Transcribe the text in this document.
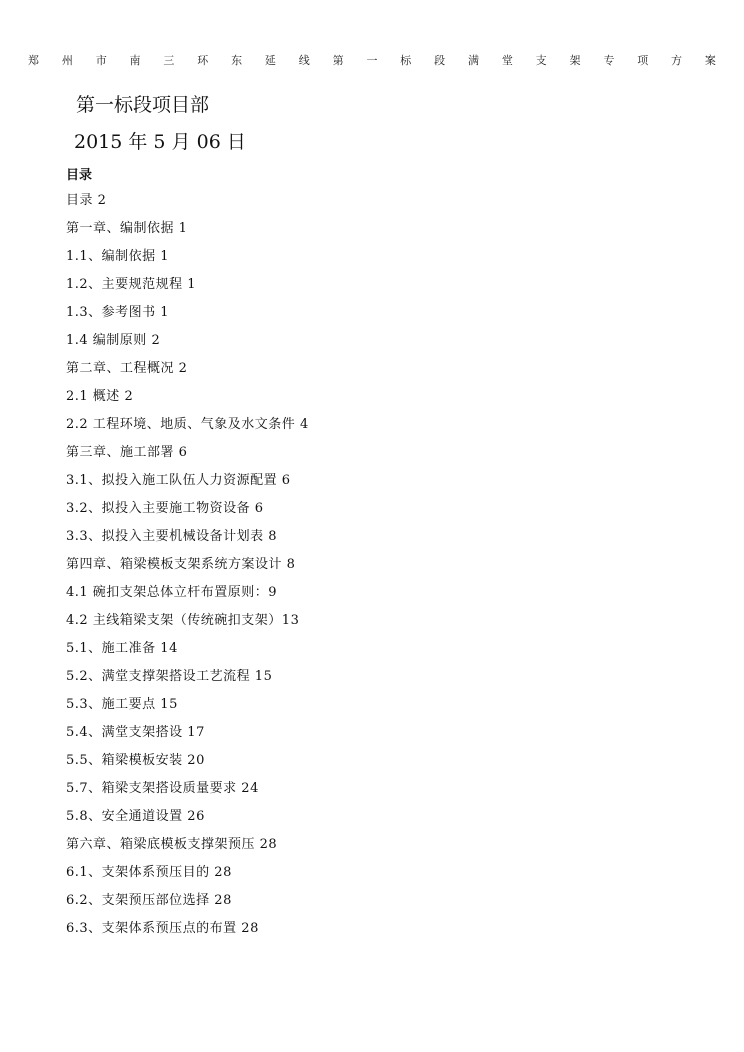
郑 州 市 南 三 环 东 延 线 第 一 标 段 满 堂 支 架 专 项 方 案
第一标段项目部
2015 年 5 月 06 日
目录
目录 2
第一章、编制依据 1
1.1、编制依据 1
1.2、主要规范规程 1
1.3、参考图书 1
1.4 编制原则 2
第二章、工程概况 2
2.1 概述 2
2.2 工程环境、地质、气象及水文条件 4
第三章、施工部署 6
3.1、拟投入施工队伍人力资源配置 6
3.2、拟投入主要施工物资设备 6
3.3、拟投入主要机械设备计划表 8
第四章、箱梁模板支架系统方案设计 8
4.1 碗扣支架总体立杆布置原则：9
4.2 主线箱梁支架（传统碗扣支架）13
5.1、施工准备 14
5.2、满堂支撑架搭设工艺流程 15
5.3、施工要点 15
5.4、满堂支架搭设 17
5.5、箱梁模板安装 20
5.7、箱梁支架搭设质量要求 24
5.8、安全通道设置 26
第六章、箱梁底模板支撑架预压 28
6.1、支架体系预压目的 28
6.2、支架预压部位选择 28
6.3、支架体系预压点的布置 28
